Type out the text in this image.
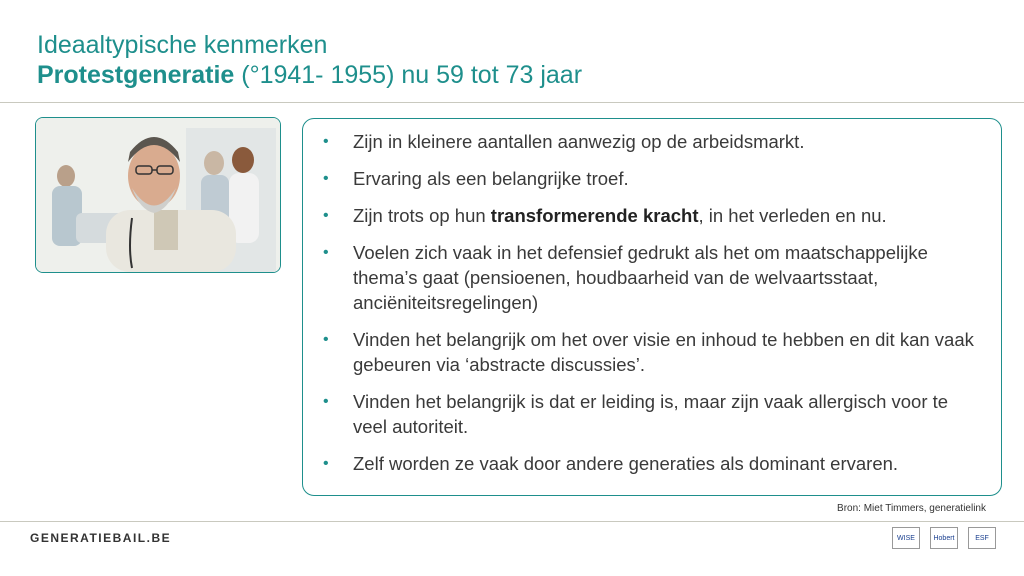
Ideaaltypische kenmerken
Protestgeneratie (°1941- 1955) nu 59 tot 73 jaar
• Zijn in kleinere aantallen aanwezig op de arbeidsmarkt.
• Ervaring als een belangrijke troef.
• Zijn trots op hun transformerende kracht, in het verleden en nu.
• Voelen zich vaak in het defensief gedrukt als het om maatschappelijke thema’s gaat (pensioenen, houdbaarheid van de welvaartsstaat, anciëniteitsregelingen)
• Vinden het belangrijk om het over visie en inhoud te hebben en dit kan vaak gebeuren via ‘abstracte discussies’.
• Vinden het belangrijk is dat er leiding is, maar zijn vaak allergisch voor te veel autoriteit.
• Zelf worden ze vaak door andere generaties als dominant ervaren.
Bron: Miet Timmers, generatielink
GENERATIEBAIL.BE	WISE	Hobert	ESF
